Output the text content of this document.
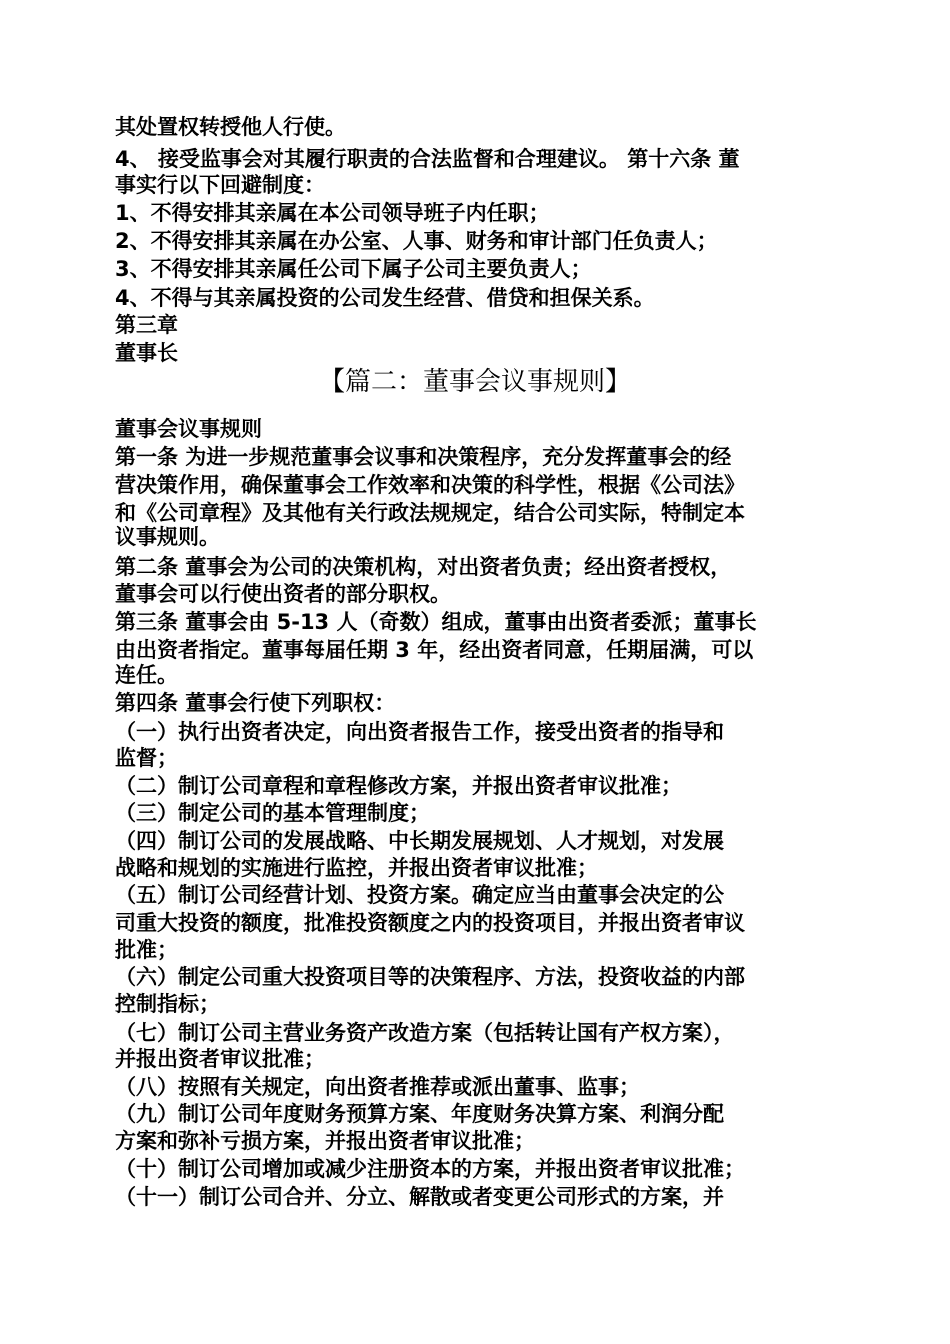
其处置权转授他人行使。
4、 接受监事会对其履行职责的合法监督和合理建议。 第十六条 董
事实行以下回避制度：
1、不得安排其亲属在本公司领导班子内任职；
2、不得安排其亲属在办公室、人事、财务和审计部门任负责人；
3、不得安排其亲属任公司下属子公司主要负责人；
4、不得与其亲属投资的公司发生经营、借贷和担保关系。
第三章
董事长
【篇二：董事会议事规则】
董事会议事规则
第一条 为进一步规范董事会议事和决策程序，充分发挥董事会的经
营决策作用，确保董事会工作效率和决策的科学性，根据《公司法》
和《公司章程》及其他有关行政法规规定，结合公司实际，特制定本
议事规则。
第二条 董事会为公司的决策机构，对出资者负责；经出资者授权，
董事会可以行使出资者的部分职权。
第三条 董事会由 5-13 人（奇数）组成，董事由出资者委派；董事长
由出资者指定。董事每届任期 3 年，经出资者同意，任期届满，可以
连任。
第四条 董事会行使下列职权：
（一）执行出资者决定，向出资者报告工作，接受出资者的指导和
监督；
（二）制订公司章程和章程修改方案，并报出资者审议批准；
（三）制定公司的基本管理制度；
（四）制订公司的发展战略、中长期发展规划、人才规划，对发展
战略和规划的实施进行监控，并报出资者审议批准；
（五）制订公司经营计划、投资方案。确定应当由董事会决定的公
司重大投资的额度，批准投资额度之内的投资项目，并报出资者审议
批准；
（六）制定公司重大投资项目等的决策程序、方法，投资收益的内部
控制指标；
（七）制订公司主营业务资产改造方案（包括转让国有产权方案），
并报出资者审议批准；
（八）按照有关规定，向出资者推荐或派出董事、监事；
（九）制订公司年度财务预算方案、年度财务决算方案、利润分配
方案和弥补亏损方案，并报出资者审议批准；
（十）制订公司增加或减少注册资本的方案，并报出资者审议批准；
（十一）制订公司合并、分立、解散或者变更公司形式的方案，并
